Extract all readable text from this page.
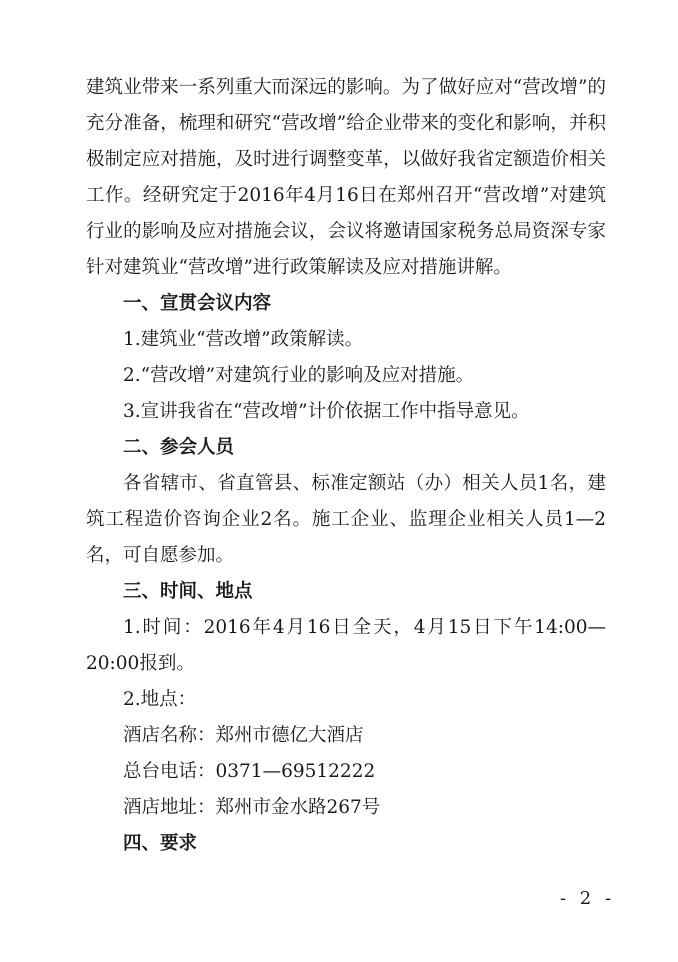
建筑业带来一系列重大而深远的影响。为了做好应对“营改增”的充分准备，梳理和研究“营改增”给企业带来的变化和影响，并积极制定应对措施，及时进行调整变革，以做好我省定额造价相关工作。经研究定于2016年4月16日在郑州召开“营改增”对建筑行业的影响及应对措施会议，会议将邀请国家税务总局资深专家针对建筑业“营改增”进行政策解读及应对措施讲解。

一、宣贯会议内容

1.建筑业“营改增”政策解读。

2.“营改增”对建筑行业的影响及应对措施。

3.宣讲我省在“营改增”计价依据工作中指导意见。

二、参会人员

各省辖市、省直管县、标准定额站（办）相关人员1名，建筑工程造价咨询企业2名。施工企业、监理企业相关人员1—2名，可自愿参加。

三、时间、地点

1.时间：2016年4月16日全天，4月15日下午14:00—20:00报到。

2.地点：

酒店名称：郑州市德亿大酒店

总台电话：0371—69512222

酒店地址：郑州市金水路267号

四、要求

- 2 -
